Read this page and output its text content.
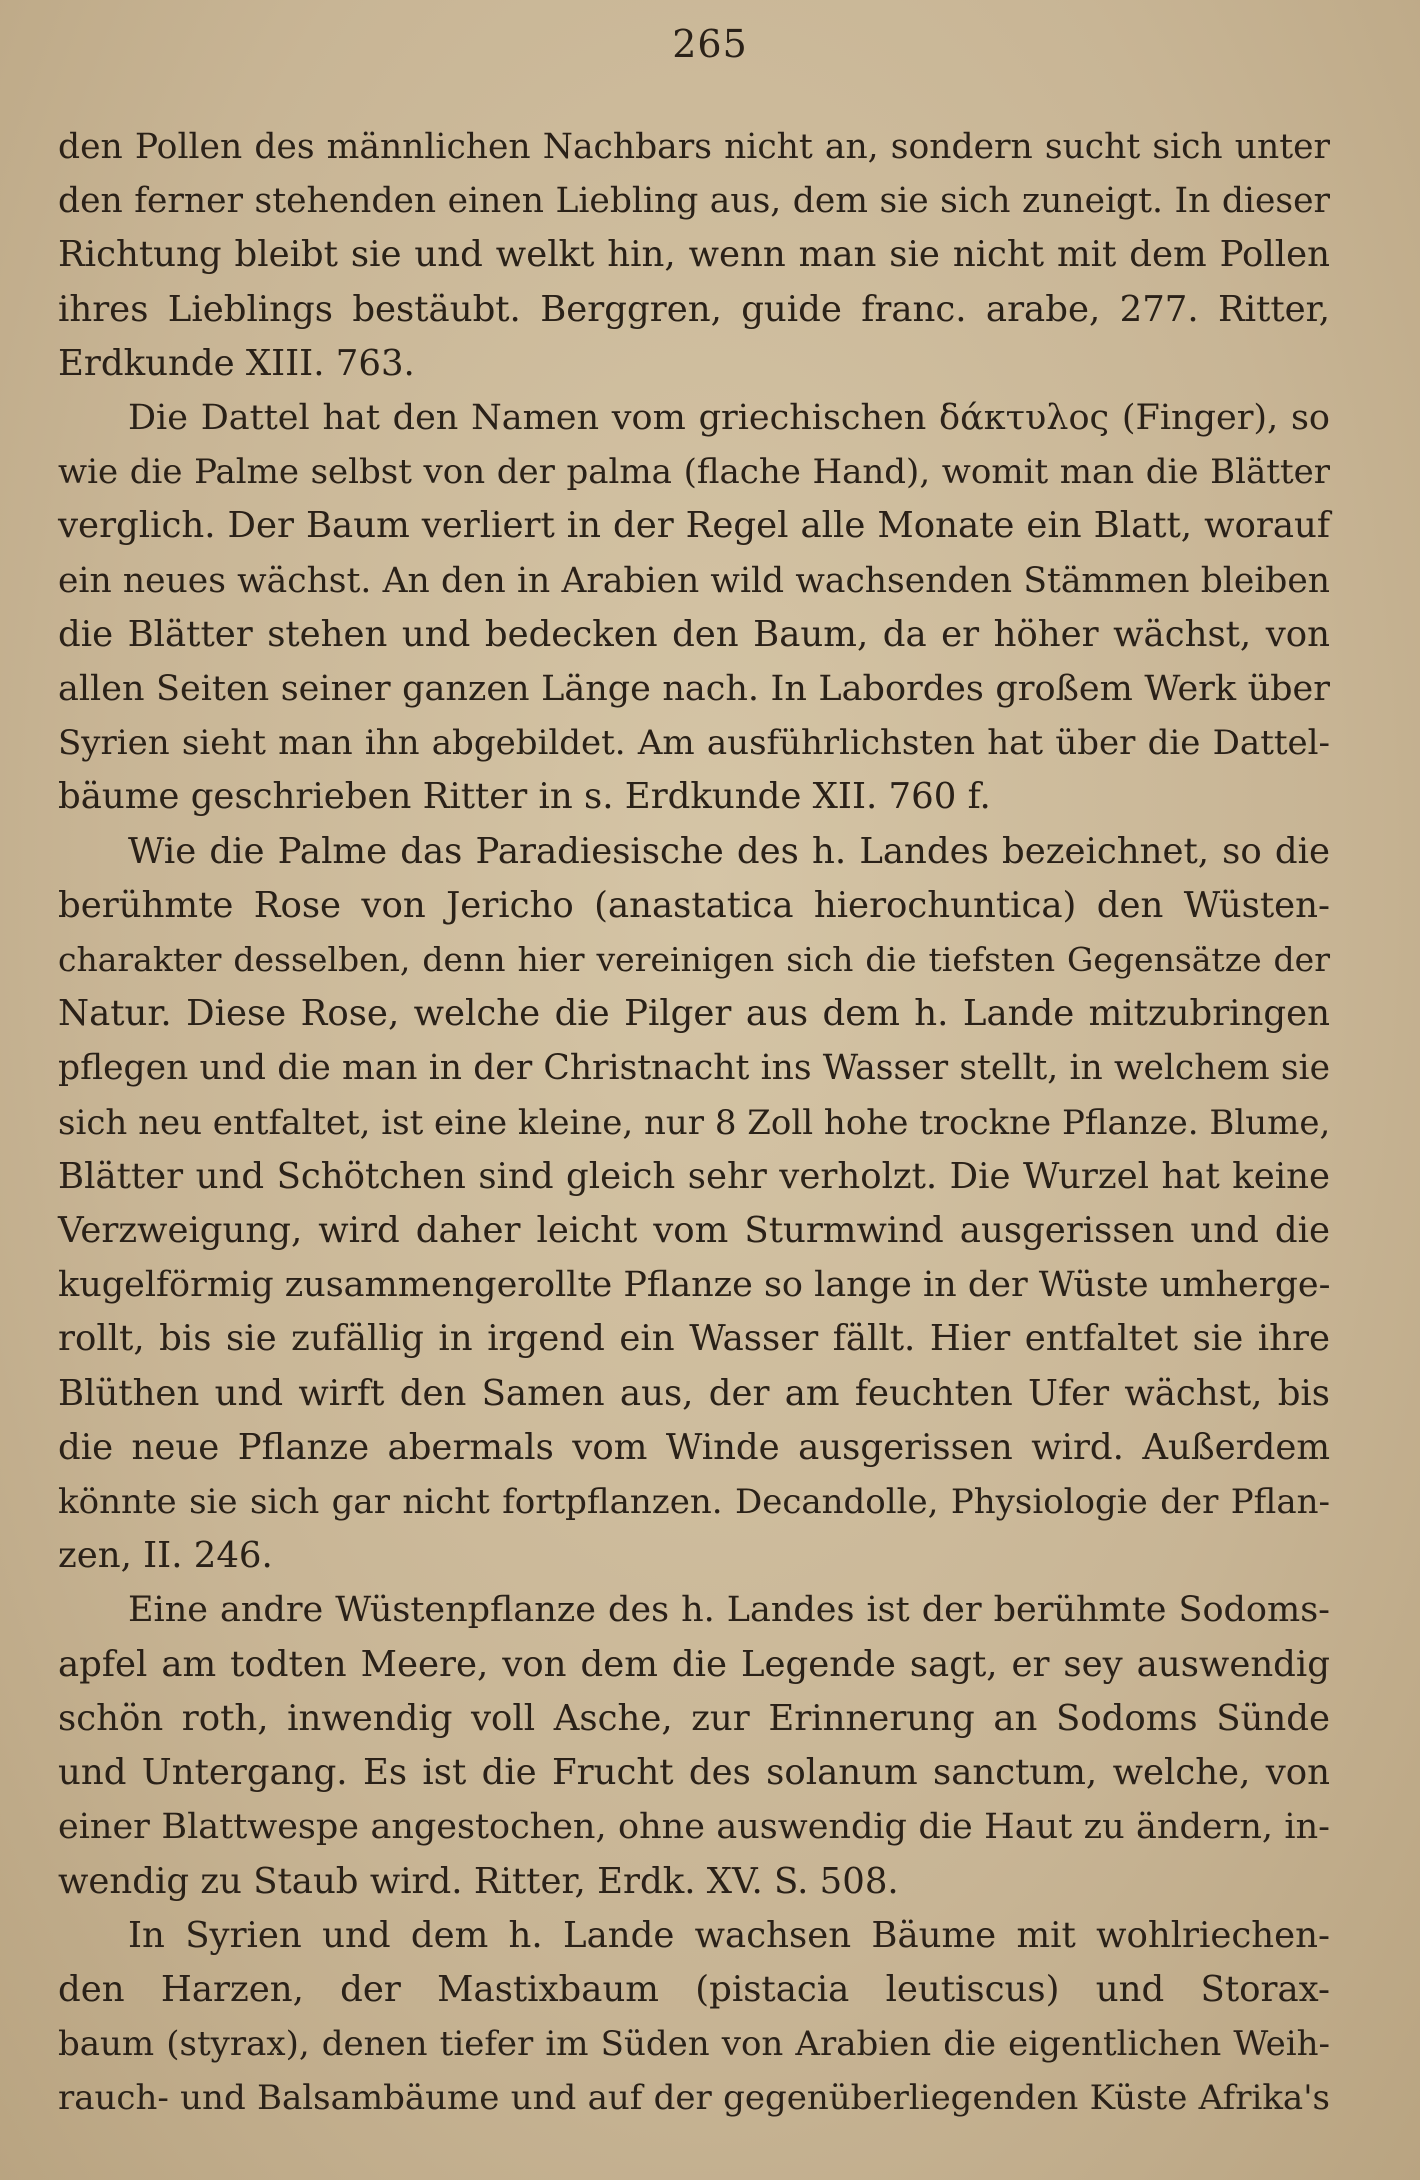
265
den Pollen des männlichen Nachbars nicht an, sondern sucht sich unter
den ferner stehenden einen Liebling aus, dem sie sich zuneigt. In dieser
Richtung bleibt sie und welkt hin, wenn man sie nicht mit dem Pollen
ihres Lieblings bestäubt. Berggren, guide franc. arabe, 277. Ritter,
Erdkunde XIII. 763.
Die Dattel hat den Namen vom griechischen δάκτυλος (Finger), so
wie die Palme selbst von der palma (flache Hand), womit man die Blätter
verglich. Der Baum verliert in der Regel alle Monate ein Blatt, worauf
ein neues wächst. An den in Arabien wild wachsenden Stämmen bleiben
die Blätter stehen und bedecken den Baum, da er höher wächst, von
allen Seiten seiner ganzen Länge nach. In Labordes großem Werk über
Syrien sieht man ihn abgebildet. Am ausführlichsten hat über die Dattel-
bäume geschrieben Ritter in s. Erdkunde XII. 760 f.
Wie die Palme das Paradiesische des h. Landes bezeichnet, so die
berühmte Rose von Jericho (anastatica hierochuntica) den Wüsten-
charakter desselben, denn hier vereinigen sich die tiefsten Gegensätze der
Natur. Diese Rose, welche die Pilger aus dem h. Lande mitzubringen
pflegen und die man in der Christnacht ins Wasser stellt, in welchem sie
sich neu entfaltet, ist eine kleine, nur 8 Zoll hohe trockne Pflanze. Blume,
Blätter und Schötchen sind gleich sehr verholzt. Die Wurzel hat keine
Verzweigung, wird daher leicht vom Sturmwind ausgerissen und die
kugelförmig zusammengerollte Pflanze so lange in der Wüste umherge-
rollt, bis sie zufällig in irgend ein Wasser fällt. Hier entfaltet sie ihre
Blüthen und wirft den Samen aus, der am feuchten Ufer wächst, bis
die neue Pflanze abermals vom Winde ausgerissen wird. Außerdem
könnte sie sich gar nicht fortpflanzen. Decandolle, Physiologie der Pflan-
zen, II. 246.
Eine andre Wüstenpflanze des h. Landes ist der berühmte Sodoms-
apfel am todten Meere, von dem die Legende sagt, er sey auswendig
schön roth, inwendig voll Asche, zur Erinnerung an Sodoms Sünde
und Untergang. Es ist die Frucht des solanum sanctum, welche, von
einer Blattwespe angestochen, ohne auswendig die Haut zu ändern, in-
wendig zu Staub wird. Ritter, Erdk. XV. S. 508.
In Syrien und dem h. Lande wachsen Bäume mit wohlriechen-
den Harzen, der Mastixbaum (pistacia leutiscus) und Storax-
baum (styrax), denen tiefer im Süden von Arabien die eigentlichen Weih-
rauch- und Balsambäume und auf der gegenüberliegenden Küste Afrika's
